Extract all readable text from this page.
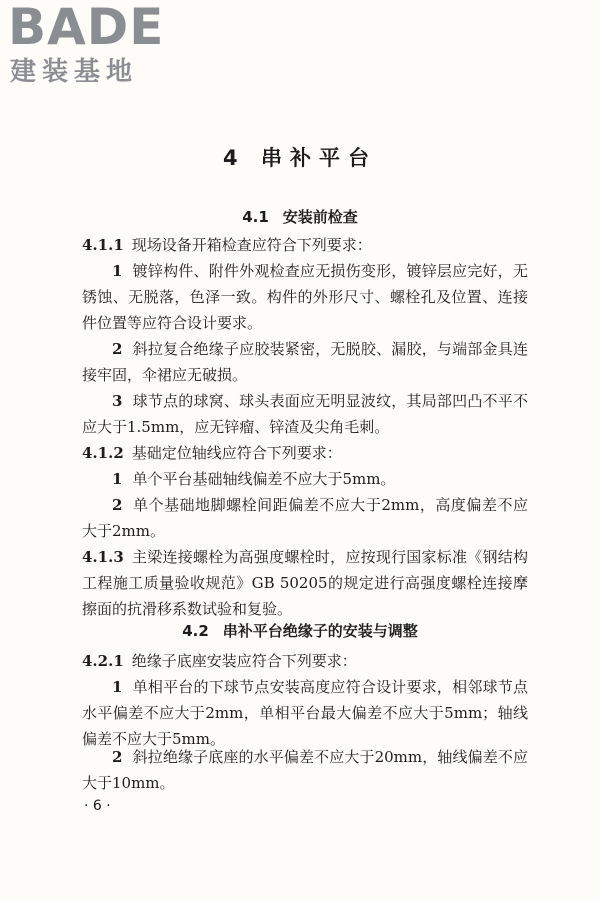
BADE
建装基地
4 串补平台
4.1 安装前检查

4.1.1 现场设备开箱检查应符合下列要求：

1 镀锌构件、附件外观检查应无损伤变形，镀锌层应完好，无锈蚀、无脱落，色泽一致。构件的外形尺寸、螺栓孔及位置、连接件位置等应符合设计要求。

2 斜拉复合绝缘子应胶装紧密，无脱胶、漏胶，与端部金具连接牢固，伞裙应无破损。

3 球节点的球窝、球头表面应无明显波纹，其局部凹凸不平不应大于1.5mm，应无锌瘤、锌渣及尖角毛刺。

4.1.2 基础定位轴线应符合下列要求：

1 单个平台基础轴线偏差不应大于5mm。

2 单个基础地脚螺栓间距偏差不应大于2mm，高度偏差不应大于2mm。

4.1.3 主梁连接螺栓为高强度螺栓时，应按现行国家标准《钢结构工程施工质量验收规范》GB 50205的规定进行高强度螺栓连接摩擦面的抗滑移系数试验和复验。

4.2 串补平台绝缘子的安装与调整

4.2.1 绝缘子底座安装应符合下列要求：

1 单相平台的下球节点安装高度应符合设计要求，相邻球节点水平偏差不应大于2mm，单相平台最大偏差不应大于5mm；轴线偏差不应大于5mm。

2 斜拉绝缘子底座的水平偏差不应大于20mm，轴线偏差不应大于10mm。

· 6 ·
